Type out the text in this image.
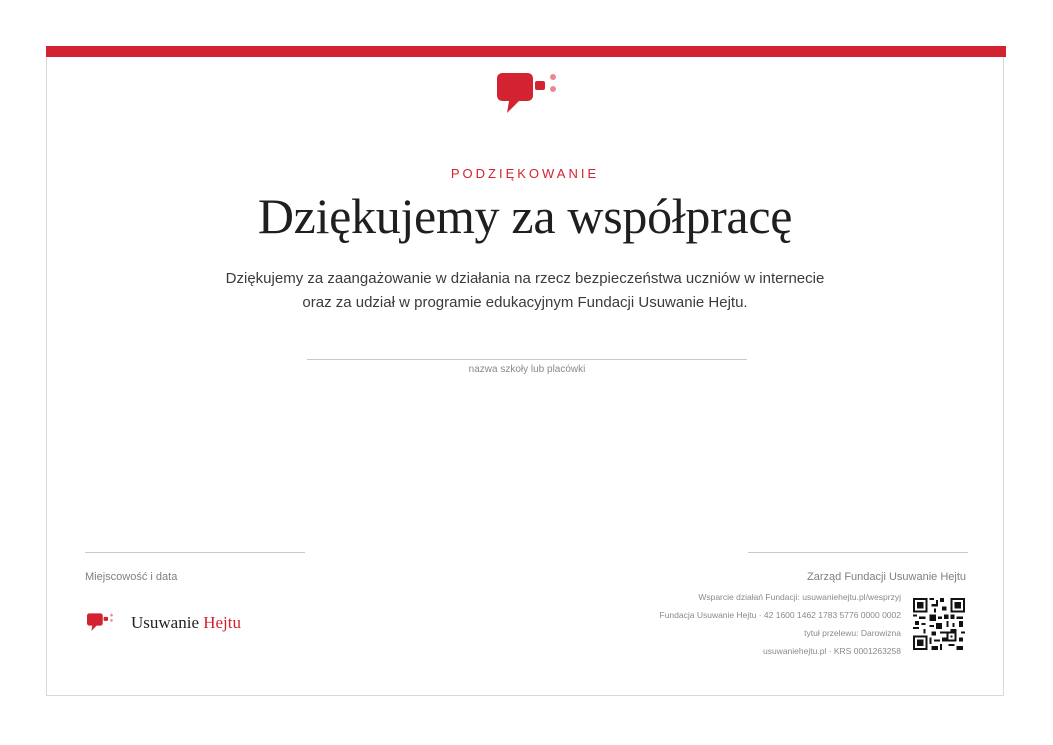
PODZIĘKOWANIE
Dziękujemy za współpracę
Dziękujemy za zaangażowanie w działania na rzecz bezpieczeństwa uczniów w internecie
oraz za udział w programie edukacyjnym Fundacji Usuwanie Hejtu.
nazwa szkoły lub placówki
Miejscowość i data	Zarząd Fundacji Usuwanie Hejtu
Usuwanie Hejtu
Wsparcie działań Fundacji: usuwaniehejtu.pl/wesprzyj
Fundacja Usuwanie Hejtu · 42 1600 1462 1783 5776 0000 0002
tytuł przelewu: Darowizna
usuwaniehejtu.pl · KRS 0001263258
